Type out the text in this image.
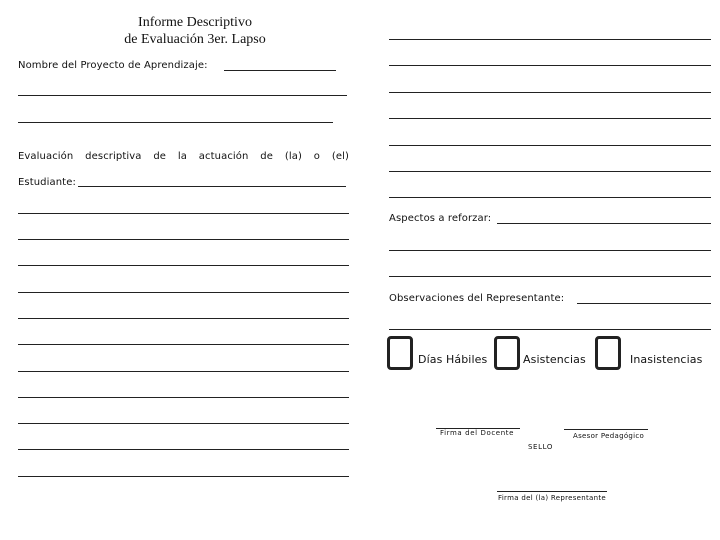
Informe Descriptivo
de Evaluación 3er. Lapso
Nombre del Proyecto de Aprendizaje:
Evaluación descriptiva de la actuación de (la) o (el)
Estudiante:
Aspectos a reforzar:
Observaciones del Representante:
Días Hábiles	Asistencias	Inasistencias
Firma del Docente	Asesor Pedagógico
SELLO
Firma del (la) Representante
